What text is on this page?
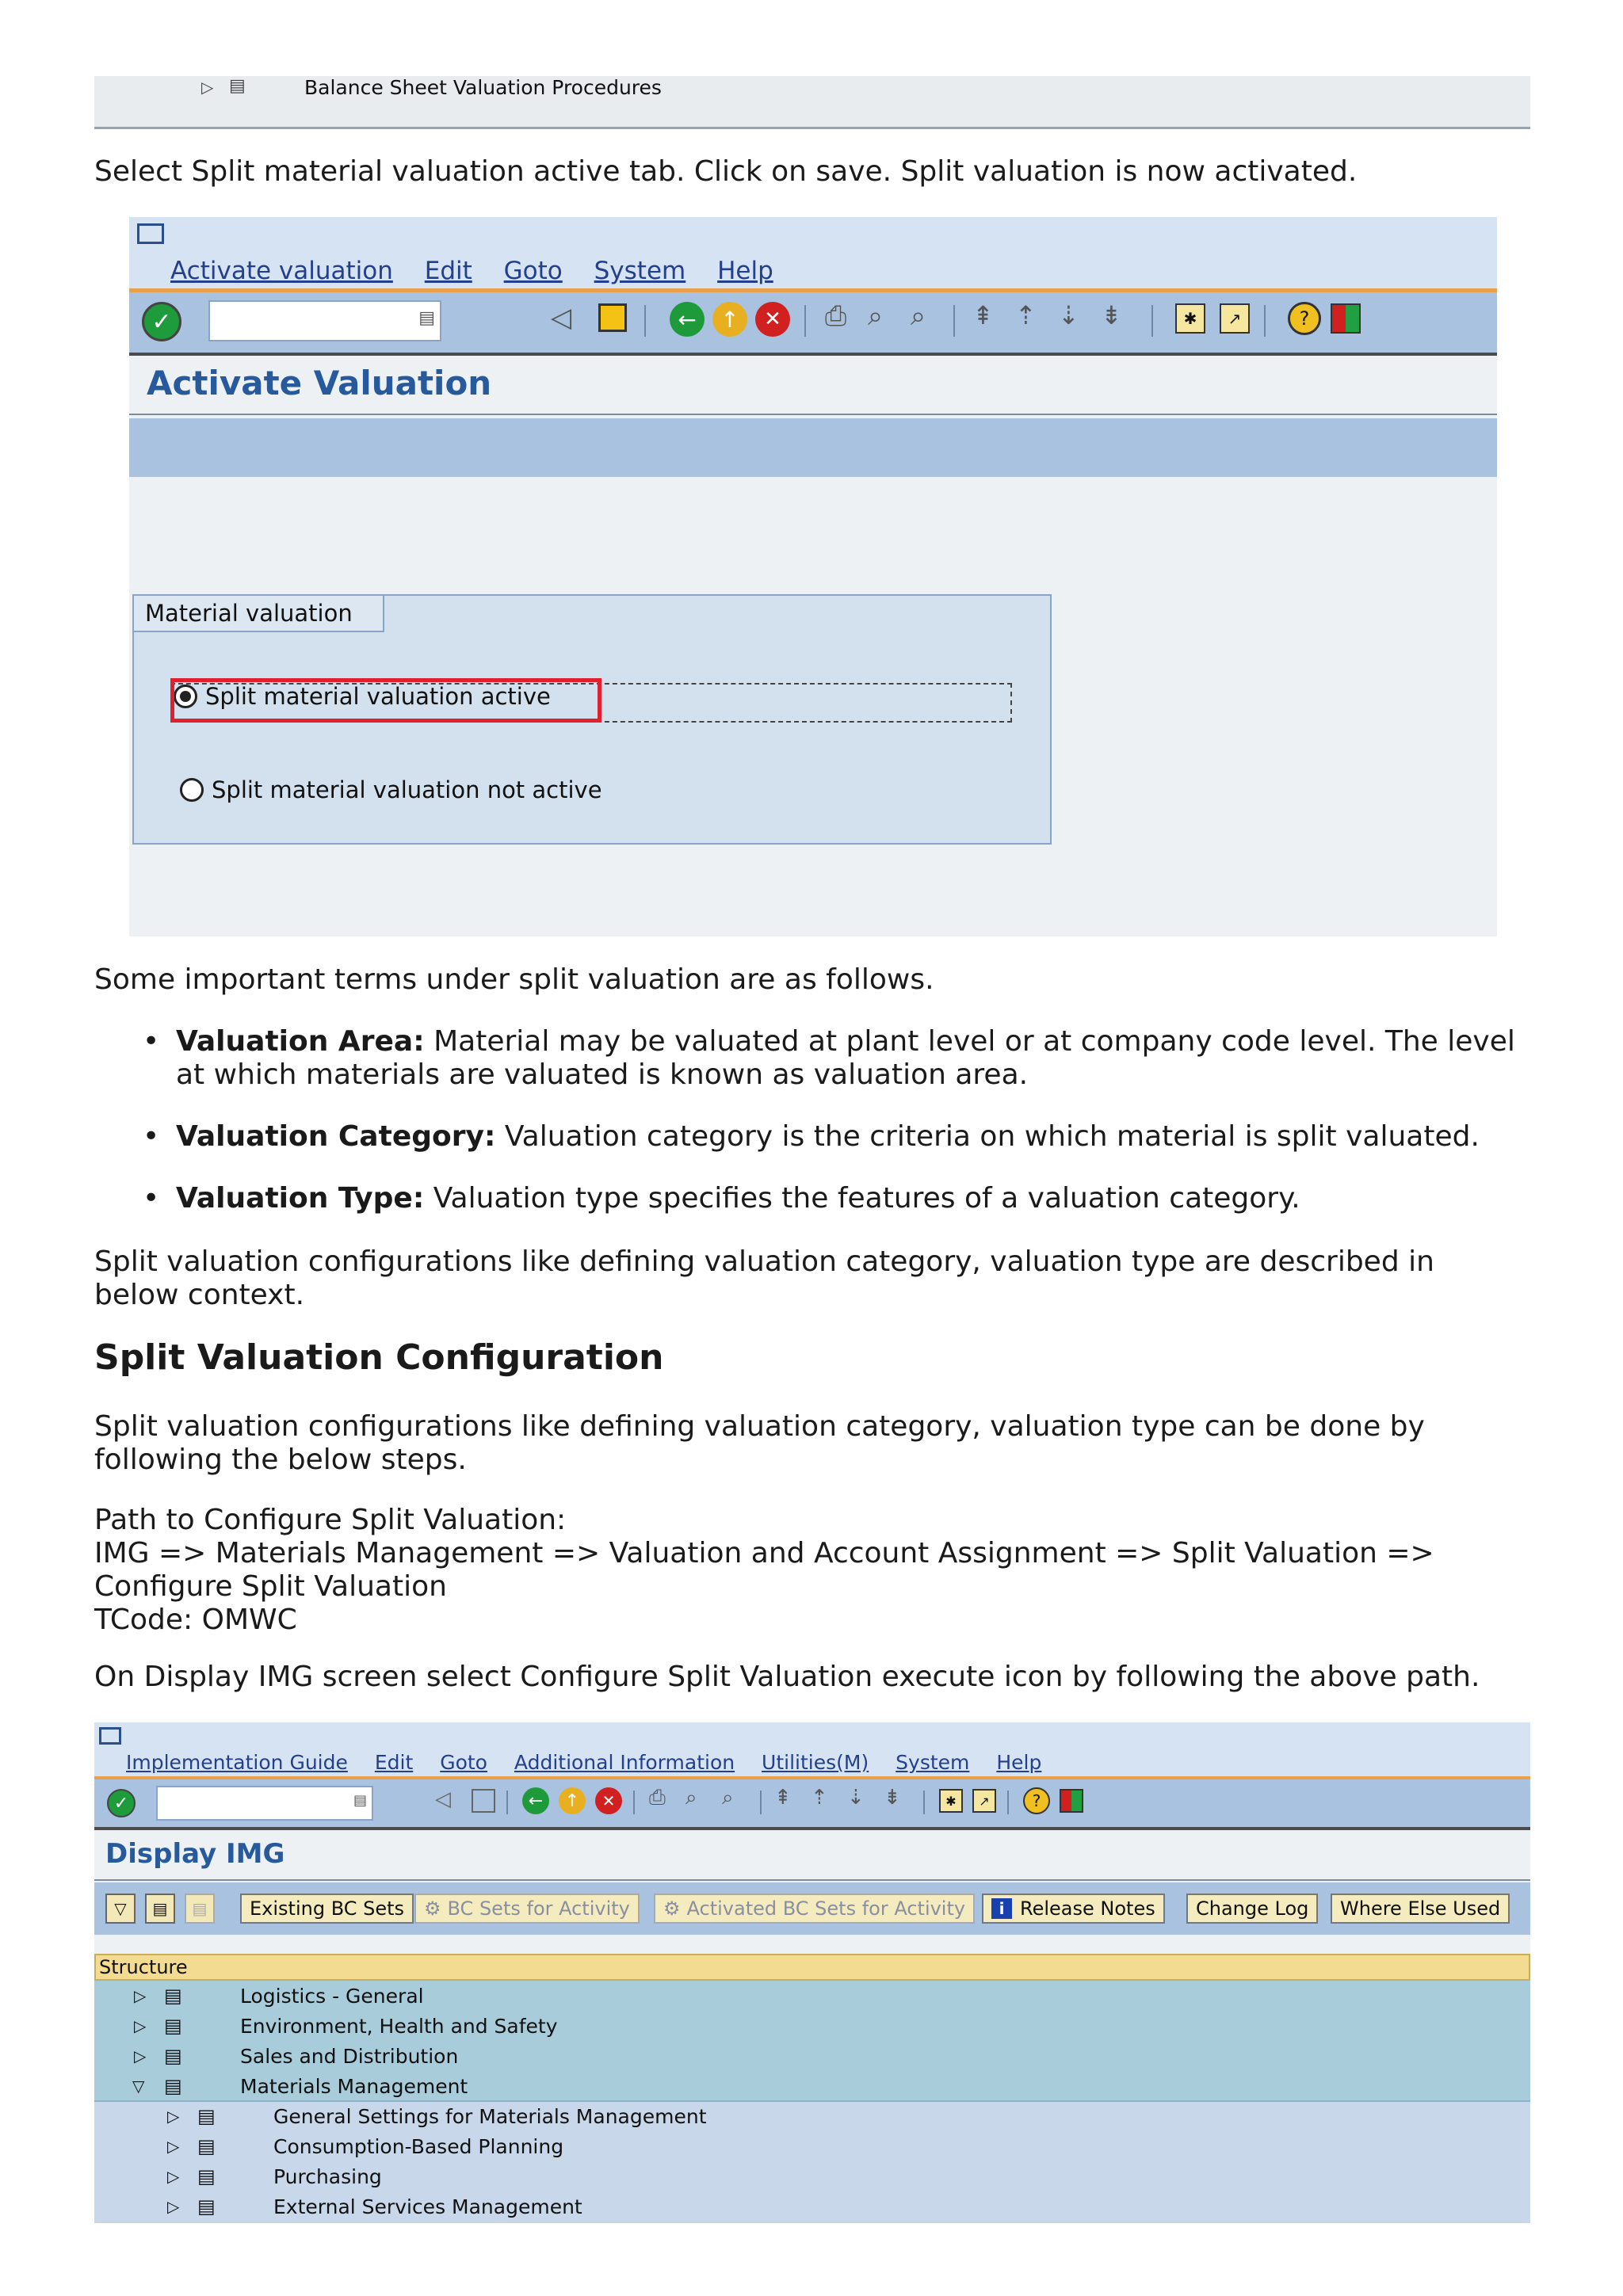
▷ ▤	Balance Sheet Valuation Procedures
Select Split material valuation active tab. Click on save. Split valuation is now activated.
Activate valuation Edit Goto System Help
✓	▤	◁	←	↑	✕	⎙ ⌕ ⌕ ⇞ ⇡ ⇣ ⇟	✱	↗	?
Activate Valuation
Material valuation
Split material valuation active
Split material valuation not active
Some important terms under split valuation are as follows.
• Valuation Area: Material may be valuated at plant level or at company code level. The level at which materials are valuated is known as valuation area.
• Valuation Category: Valuation category is the criteria on which material is split valuated.
• Valuation Type: Valuation type specifies the features of a valuation category.
Split valuation configurations like defining valuation category, valuation type are described in below context.
Split Valuation Configuration
Split valuation configurations like defining valuation category, valuation type can be done by following the below steps.
Path to Configure Split Valuation:
IMG => Materials Management => Valuation and Account Assignment => Split Valuation =>
Configure Split Valuation
TCode: OMWC
On Display IMG screen select Configure Split Valuation execute icon by following the above path.
Implementation Guide Edit Goto Additional Information Utilities(M) System Help
✓	▤	◁	←	↑	✕	⎙ ⌕ ⌕ ⇞ ⇡ ⇣ ⇟	✱	↗	?
Display IMG
▽	▤	▤	Existing BC Sets ⚙ BC Sets for Activity ⚙ Activated BC Sets for Activity	i Release Notes Change Log Where Else Used
Structure
▷ ▤	Logistics - General
▷ ▤	Environment, Health and Safety
▷ ▤	Sales and Distribution
▽ ▤	Materials Management
▷ ▤	General Settings for Materials Management
▷ ▤	Consumption-Based Planning
▷ ▤	Purchasing
▷ ▤	External Services Management
